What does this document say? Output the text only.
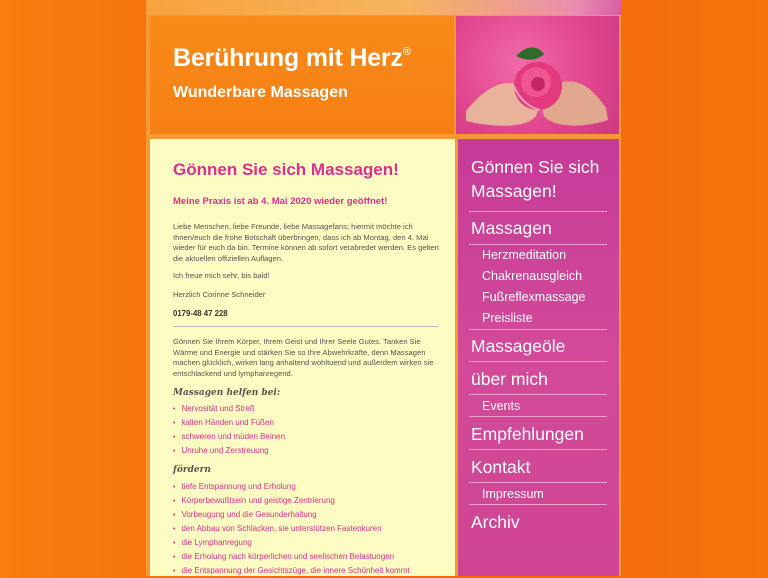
Berührung mit Herz®
Wunderbare Massagen
Gönnen Sie sich Massagen!
Meine Praxis ist ab 4. Mai 2020 wieder geöffnet!
Liebe Menschen, liebe Freunde, liebe Massagefans; hiermit möchte ich Ihnen/euch die frohe Botschaft überbringen, dass ich ab Montag, den 4. Mai wieder für euch da bin. Termine können ab sofort verabredet werden. Es gelten die aktuellen offiziellen Auflagen.
Ich freue mich sehr, bis bald!
Herzlich Corinne Schneider
0179-48 47 228
Gönnen Sie Ihrem Körper, Ihrem Geist und Ihrer Seele Gutes. Tanken Sie Wärme und Energie und stärken Sie so Ihre Abwehrkräfte, denn Massagen machen glücklich, wirken lang anhaltend wohltuend und außerdem wirken sie entschlackend und lymphanregend.
Massagen helfen bei:
• Nervosität und Streß
• kalten Händen und Füßen
• schweren und müden Beinen
• Unruhe und Zerstreuung
fördern
• tiefe Entspannung und Erholung
• Körperbewußtsein und geistige Zentrierung
• Vorbeugung und die Gesunderhaltung
• den Abbau von Schlacken, sie unterstützen Fastenkuren
• die Lymphanregung
• die Erholung nach körperlichen und seelischen Belastungen
• die Entspannung der Gesichtszüge, die innere Schönheit kommt
Gönnen Sie sich
Massagen!
Massagen
Herzmeditation
Chakrenausgleich
Fußreflexmassage
Preisliste
Massageöle
über mich
Events
Empfehlungen
Kontakt
Impressum
Archiv
